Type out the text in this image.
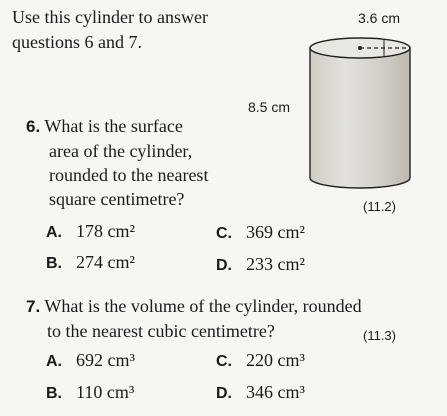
Use this cylinder to answer
questions 6 and 7.
3.6 cm
8.5 cm
(11.2)
6. What is the surface
area of the cylinder,
rounded to the nearest
square centimetre?
A. 178 cm²
B. 274 cm²
C. 369 cm²
D. 233 cm²
7. What is the volume of the cylinder, rounded
to the nearest cubic centimetre?	(11.3)
A. 692 cm³
B. 110 cm³
C. 220 cm³
D. 346 cm³
